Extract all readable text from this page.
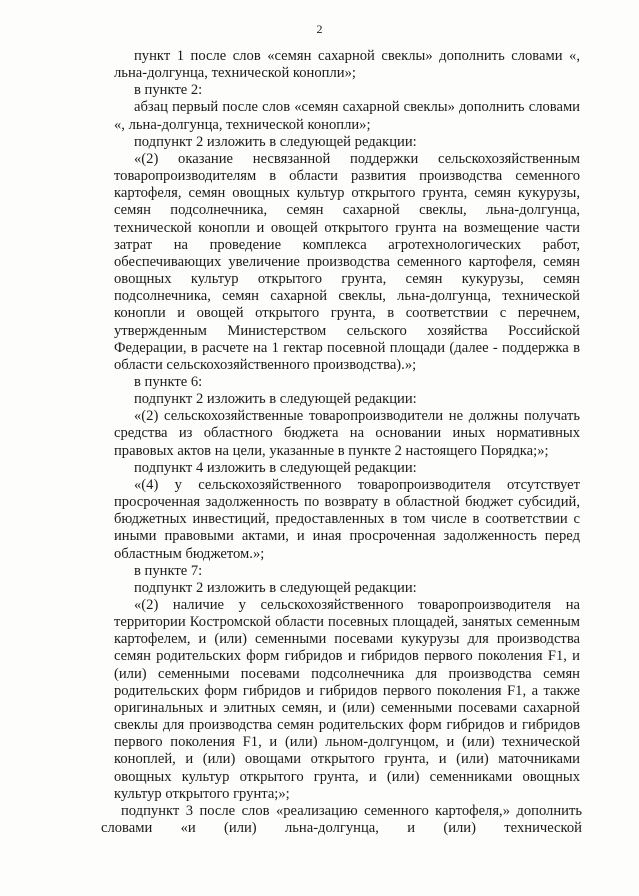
2

пункт 1 после слов «семян сахарной свеклы» дополнить словами «, льна-долгунца, технической конопли»;

в пункте 2:

абзац первый после слов «семян сахарной свеклы» дополнить словами «, льна-долгунца, технической конопли»;

подпункт 2 изложить в следующей редакции:

«(2) оказание несвязанной поддержки сельскохозяйственным товаропроизводителям в области развития производства семенного картофеля, семян овощных культур открытого грунта, семян кукурузы, семян подсолнечника, семян сахарной свеклы, льна-долгунца, технической конопли и овощей открытого грунта на возмещение части затрат на проведение комплекса агротехнологических работ, обеспечивающих увеличение производства семенного картофеля, семян овощных культур открытого грунта, семян кукурузы, семян подсолнечника, семян сахарной свеклы, льна-долгунца, технической конопли и овощей открытого грунта, в соответствии с перечнем, утвержденным Министерством сельского хозяйства Российской Федерации, в расчете на 1 гектар посевной площади (далее - поддержка в области сельскохозяйственного производства).»;

в пункте 6:

подпункт 2 изложить в следующей редакции:

«(2) сельскохозяйственные товаропроизводители не должны получать средства из областного бюджета на основании иных нормативных правовых актов на цели, указанные в пункте 2 настоящего Порядка;»;

подпункт 4 изложить в следующей редакции:

«(4) у сельскохозяйственного товаропроизводителя отсутствует просроченная задолженность по возврату в областной бюджет субсидий, бюджетных инвестиций, предоставленных в том числе в соответствии с иными правовыми актами, и иная просроченная задолженность перед областным бюджетом.»;

в пункте 7:

подпункт 2 изложить в следующей редакции:

«(2) наличие у сельскохозяйственного товаропроизводителя на территории Костромской области посевных площадей, занятых семенным картофелем, и (или) семенными посевами кукурузы для производства семян родительских форм гибридов и гибридов первого поколения F1, и (или) семенными посевами подсолнечника для производства семян родительских форм гибридов и гибридов первого поколения F1, а также оригинальных и элитных семян, и (или) семенными посевами сахарной свеклы для производства семян родительских форм гибридов и гибридов первого поколения F1, и (или) льном-долгунцом, и (или) технической коноплей, и (или) овощами открытого грунта, и (или) маточниками овощных культур открытого грунта, и (или) семенниками овощных культур открытого грунта;»;

подпункт 3 после слов «реализацию семенного картофеля,» дополнить словами «и (или) льна-долгунца, и (или) технической
